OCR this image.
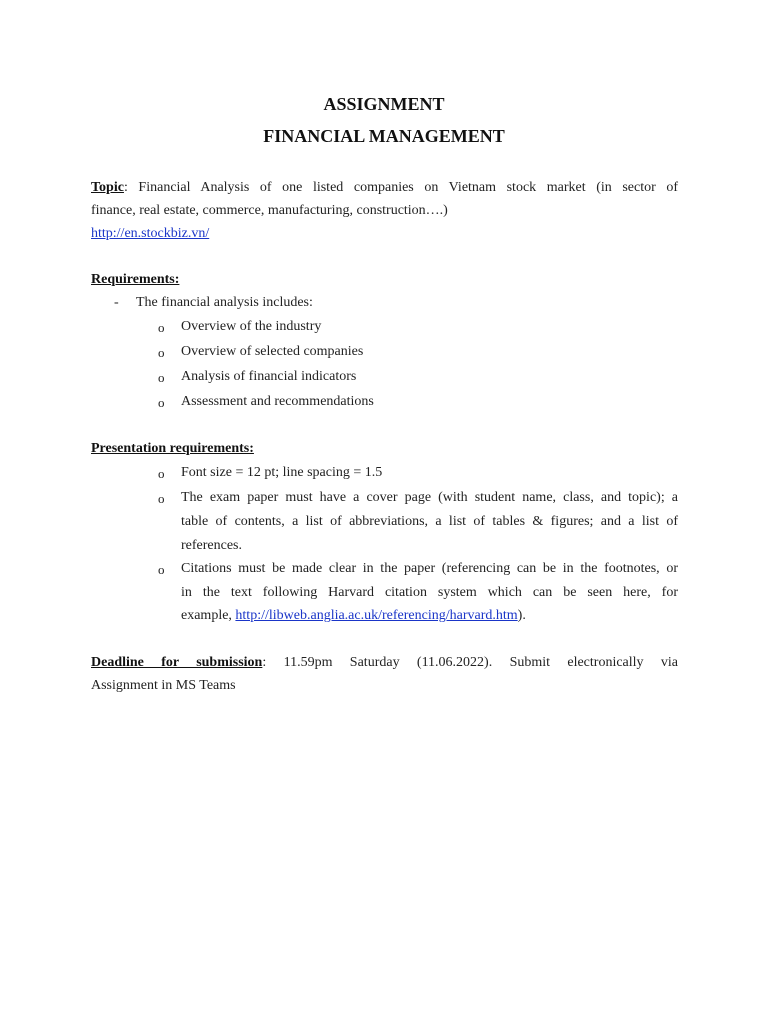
ASSIGNMENT
FINANCIAL MANAGEMENT

Topic: Financial Analysis of one listed companies on Vietnam stock market (in sector of

finance, real estate, commerce, manufacturing, construction….)

http://en.stockbiz.vn/

Requirements:

- The financial analysis includes:

o Overview of the industry

o Overview of selected companies

o Analysis of financial indicators

o Assessment and recommendations

Presentation requirements:

o Font size = 12 pt; line spacing = 1.5

o The exam paper must have a cover page (with student name, class, and topic); a

table of contents, a list of abbreviations, a list of tables & figures; and a list of

references.

o Citations must be made clear in the paper (referencing can be in the footnotes, or

in the text following Harvard citation system which can be seen here, for

example, http://libweb.anglia.ac.uk/referencing/harvard.htm).

Deadline for submission: 11.59pm Saturday (11.06.2022). Submit electronically via

Assignment in MS Teams
